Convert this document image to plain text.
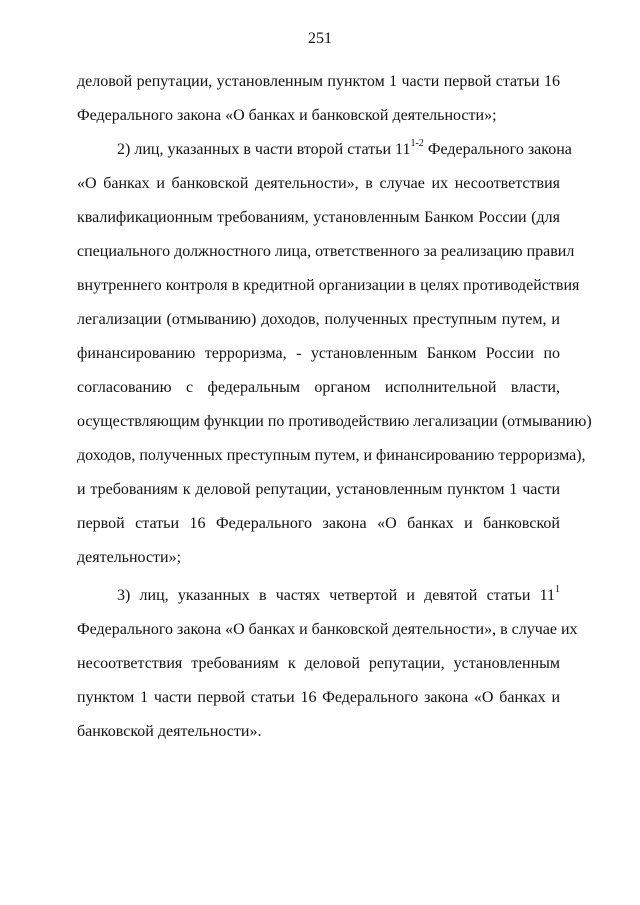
251
деловой репутации, установленным пунктом 1 части первой статьи 16
Федерального закона «О банках и банковской деятельности»;
2) лиц, указанных в части второй статьи 11$^{1-2}$ Федерального закона
«О банках и банковской деятельности», в случае их несоответствия
квалификационным требованиям, установленным Банком России (для
специального должностного лица, ответственного за реализацию правил
внутреннего контроля в кредитной организации в целях противодействия
легализации (отмыванию) доходов, полученных преступным путем, и
финансированию терроризма, - установленным Банком России по
согласованию с федеральным органом исполнительной власти,
осуществляющим функции по противодействию легализации (отмыванию)
доходов, полученных преступным путем, и финансированию терроризма),
и требованиям к деловой репутации, установленным пунктом 1 части
первой статьи 16 Федерального закона «О банках и банковской
деятельности»;
3) лиц, указанных в частях четвертой и девятой статьи $11^1$
Федерального закона «О банках и банковской деятельности», в случае их
несоответствия требованиям к деловой репутации, установленным
пунктом 1 части первой статьи 16 Федерального закона «О банках и
банковской деятельности».
